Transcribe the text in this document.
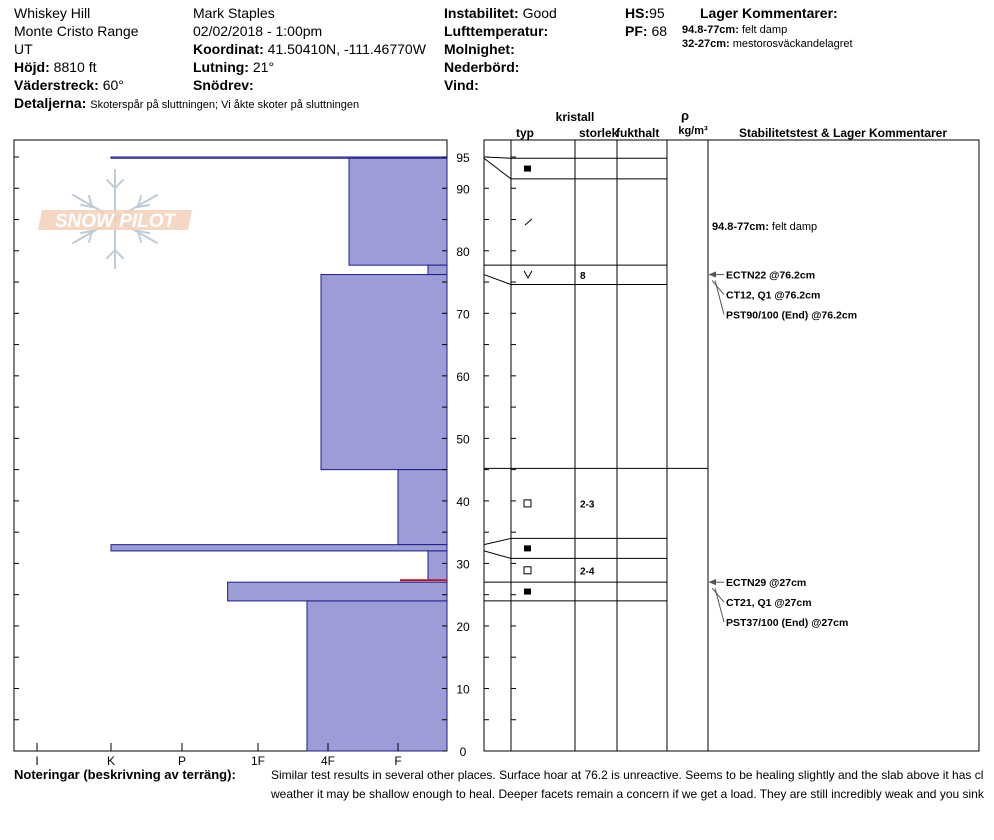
Whiskey Hill
Monte Cristo Range
UT
Höjd: 8810 ft
Väderstreck: 60°
Detaljerna: Skoterspår på sluttningen; Vi åkte skoter på sluttningen
Mark Staples
02/02/2018 - 1:00pm
Koordinat: 41.50410N, -111.46770W
Lutning: 21°
Snödrev:
Instabilitet: Good
Lufttemperatur:
Molnighet:
Nederbörd:
Vind:
HS:95
PF: 68
Lager Kommentarer:
94.8-77cm: felt damp
32-27cm: mestorosväckandelagret
kristall
typ	storlek
fukthalt
ρ
kg/m³	Stabilitetstest & Lager Kommentarer
SNOW PILOT
I	K	P	1F	4F	F
0
10
20
30
40
50
60
70
80
90
95
8
2-3
2-4
94.8-77cm: felt damp
ECTN29 @27cm
CT21, Q1 @27cm
PST37/100 (End) @27cm
ECTN22 @76.2cm
CT12, Q1 @76.2cm
PST90/100 (End) @76.2cm
Noteringar (beskrivning av terräng):	Similar test results in several other places. Surface hoar at 76.2 is unreactive. Seems to be healing slightly and the slab above it has cl
weather it may be shallow enough to heal. Deeper facets remain a concern if we get a load. They are still incredibly weak and you sink
